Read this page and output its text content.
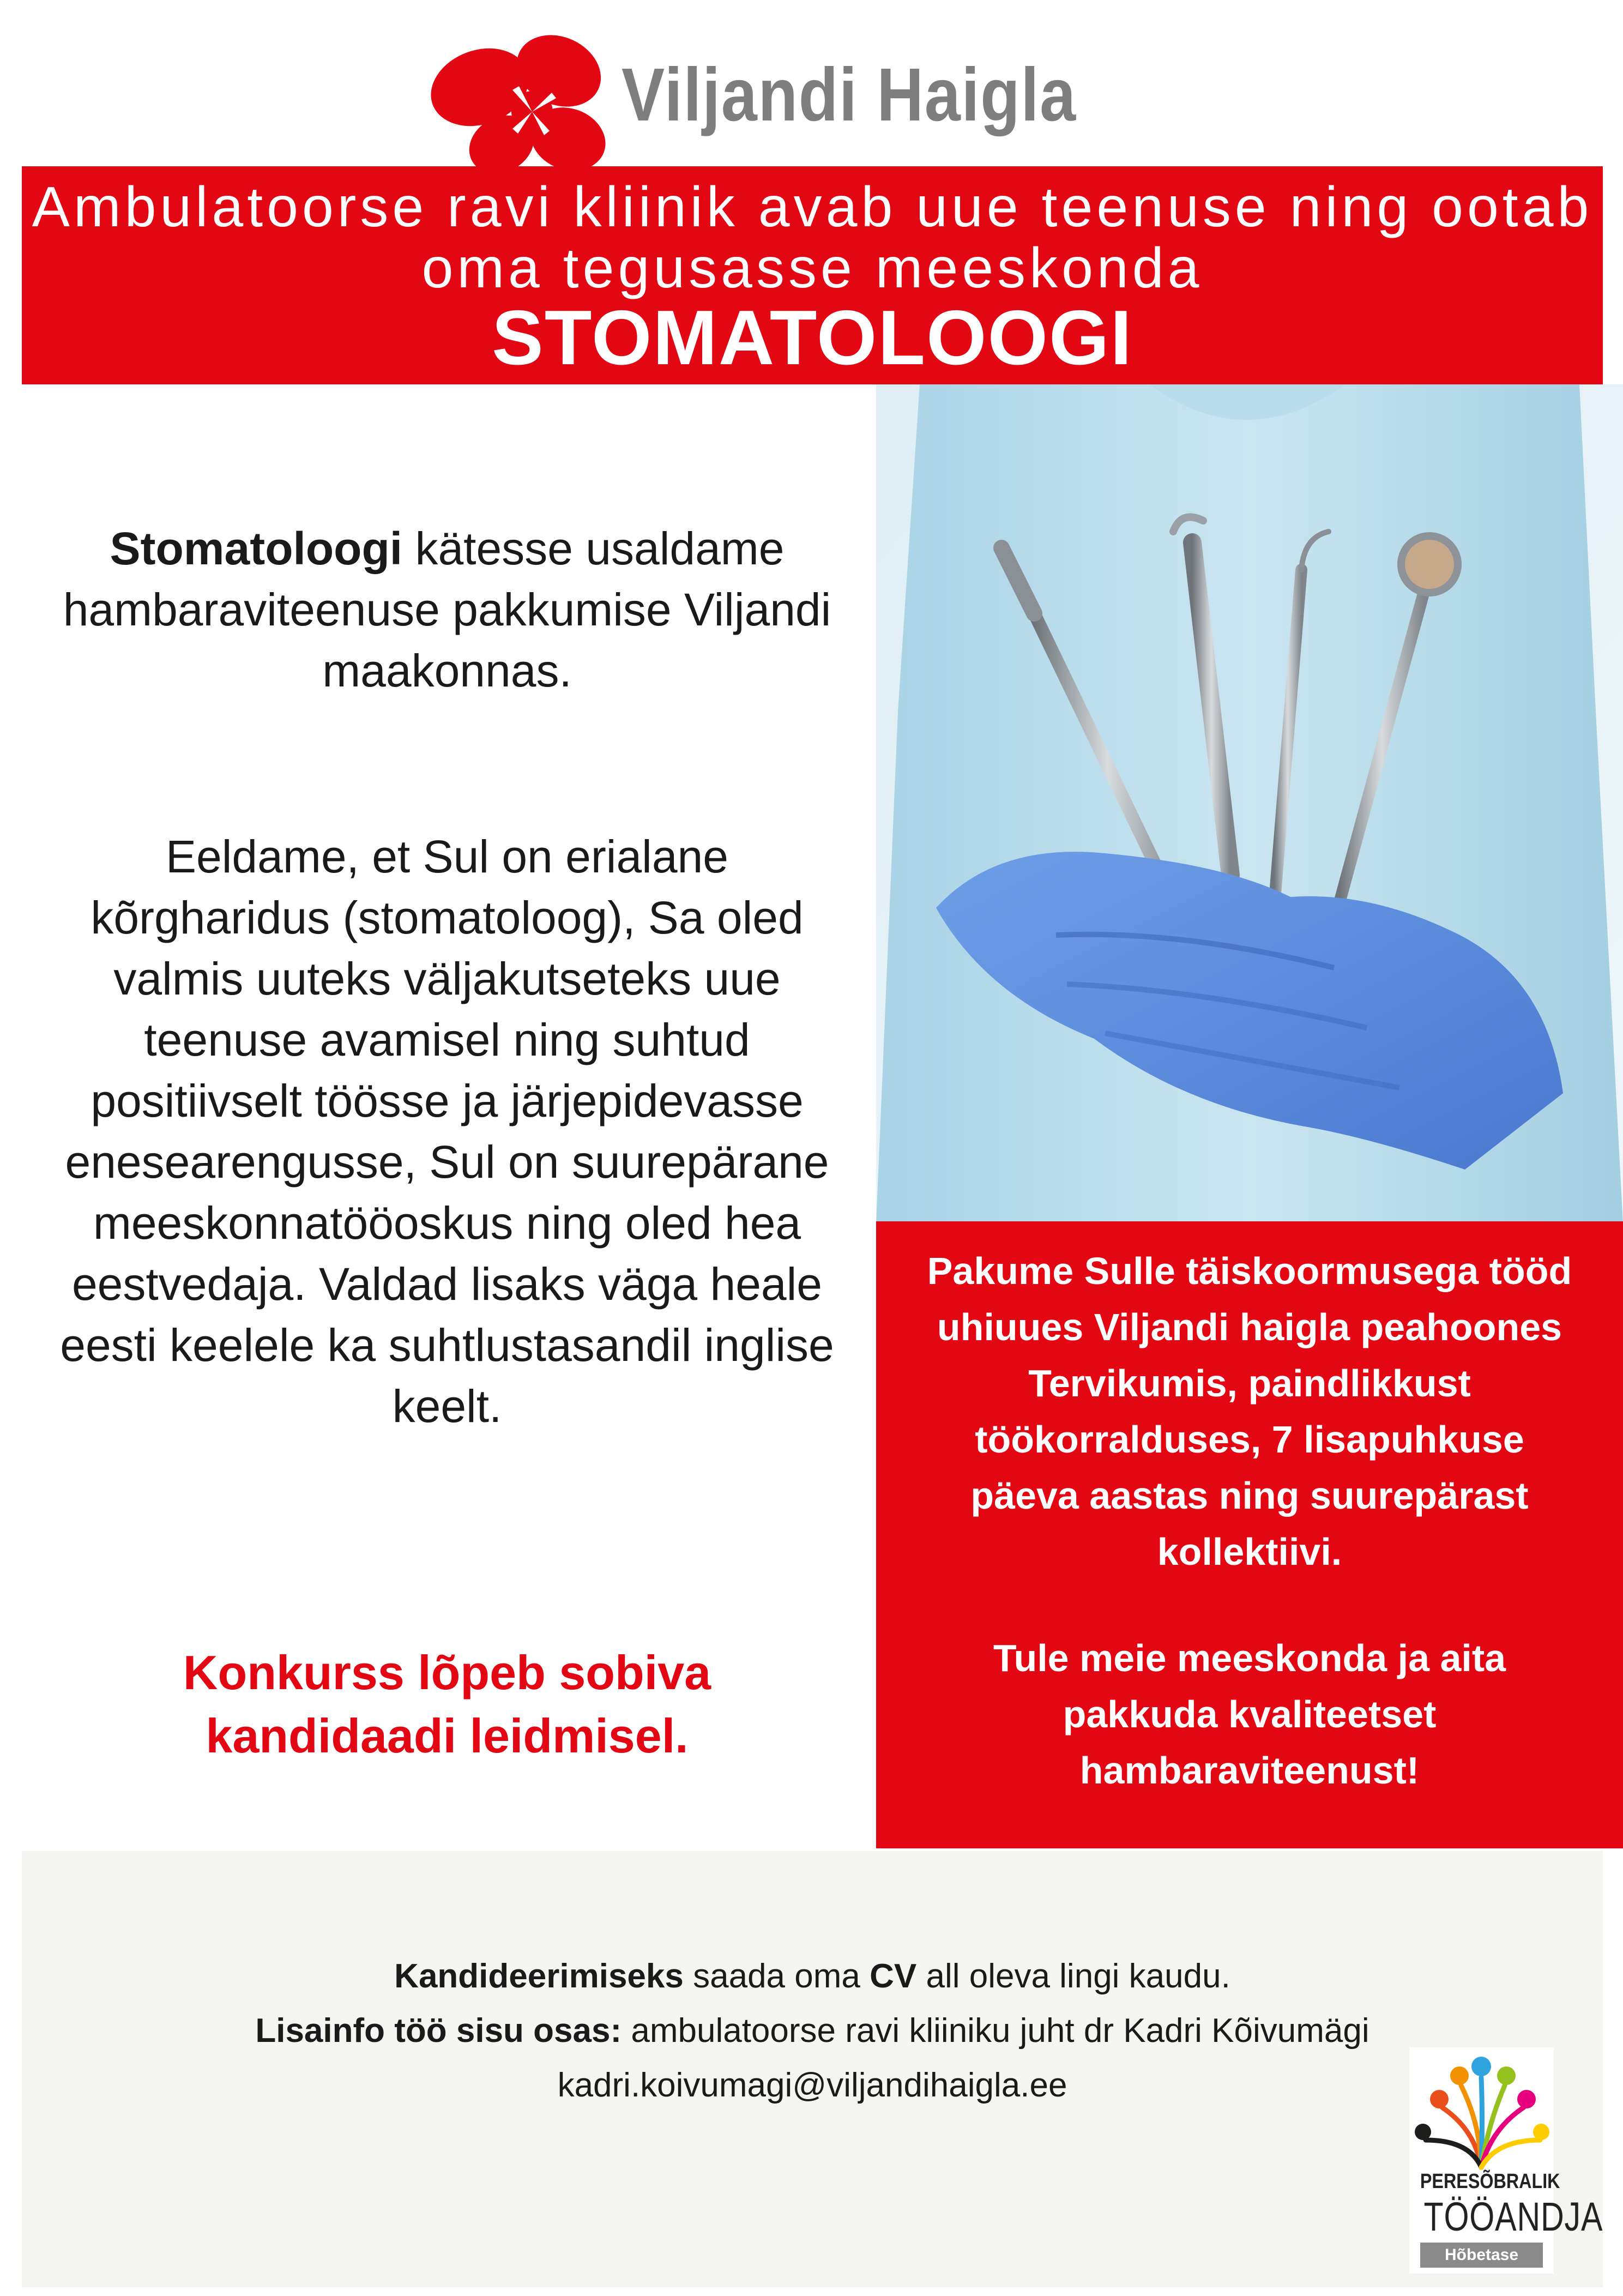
Viljandi Haigla
Ambulatoorse ravi kliinik avab uue teenuse ning ootab
oma tegusasse meeskonda
STOMATOLOOGI
Stomatoloogi kätesse usaldame
hambaraviteenuse pakkumise Viljandi
maakonnas.
Eeldame, et Sul on erialane
kõrgharidus (stomatoloog), Sa oled
valmis uuteks väljakutseteks uue
teenuse avamisel ning suhtud
positiivselt töösse ja järjepidevasse
enesearengusse, Sul on suurepärane
meeskonnatööoskus ning oled hea
eestvedaja. Valdad lisaks väga heale
eesti keelele ka suhtlustasandil inglise
keelt.
Konkurss lõpeb sobiva
kandidaadi leidmisel.
Pakume Sulle täiskoormusega tööd
uhiuues Viljandi haigla peahoones
Tervikumis, paindlikkust
töökorralduses, 7 lisapuhkuse
päeva aastas ning suurepärast
kollektiivi.
Tule meie meeskonda ja aita
pakkuda kvaliteetset
hambaraviteenust!
Kandideerimiseks saada oma CV all oleva lingi kaudu.
Lisainfo töö sisu osas: ambulatoorse ravi kliiniku juht dr Kadri Kõivumägi
kadri.koivumagi@viljandihaigla.ee
PERESÕBRALIK
TÖÖANDJA
Hõbetase
